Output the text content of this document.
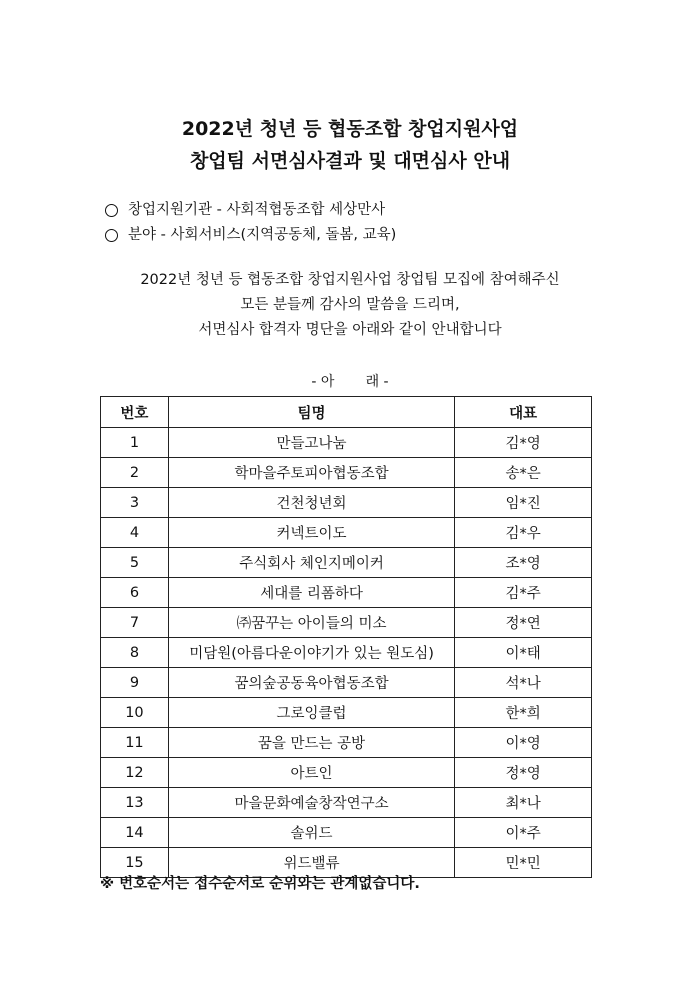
2022년 청년 등 협동조합 창업지원사업
창업팀 서면심사결과 및 대면심사 안내
창업지원기관 - 사회적협동조합 세상만사
분야 - 사회서비스(지역공동체, 돌봄, 교육)
2022년 청년 등 협동조합 창업지원사업 창업팀 모집에 참여해주신
모든 분들께 감사의 말씀을 드리며,
서면심사 합격자 명단을 아래와 같이 안내합니다
- 아       래 -
번호	팀명	대표
1	만들고나눔	김*영
2	학마을주토피아협동조합	송*은
3	건천청년회	임*진
4	커넥트이도	김*우
5	주식회사 체인지메이커	조*영
6	세대를 리폼하다	김*주
7	㈜꿈꾸는 아이들의 미소	정*연
8	미담원(아름다운이야기가 있는 원도심)	이*태
9	꿈의숲공동육아협동조합	석*나
10	그로잉클럽	한*희
11	꿈을 만드는 공방	이*영
12	아트인	정*영
13	마을문화예술창작연구소	최*나
14	솔위드	이*주
15	위드밸류	민*민
※ 번호순서는 접수순서로 순위와는 관계없습니다.
